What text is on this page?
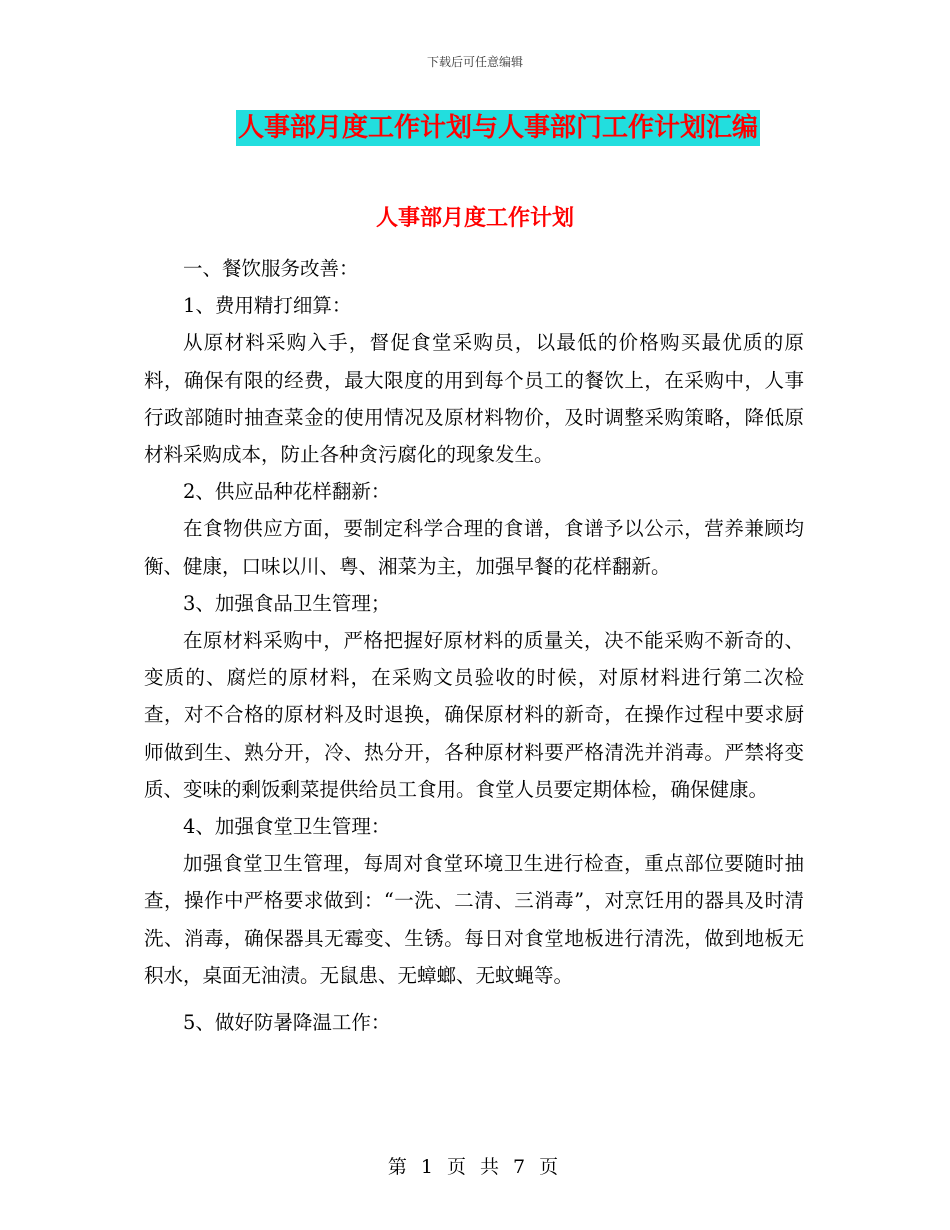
下载后可任意编辑
人事部月度工作计划与人事部门工作计划汇编
人事部月度工作计划

一、餐饮服务改善：

1、费用精打细算：

从原材料采购入手，督促食堂采购员，以最低的价格购买最优质的原料，确保有限的经费，最大限度的用到每个员工的餐饮上，在采购中，人事行政部随时抽查菜金的使用情况及原材料物价，及时调整采购策略，降低原材料采购成本，防止各种贪污腐化的现象发生。

2、供应品种花样翻新：

在食物供应方面，要制定科学合理的食谱，食谱予以公示，营养兼顾均衡、健康，口味以川、粤、湘菜为主，加强早餐的花样翻新。

3、加强食品卫生管理；

在原材料采购中，严格把握好原材料的质量关，决不能采购不新奇的、变质的、腐烂的原材料，在采购文员验收的时候，对原材料进行第二次检查，对不合格的原材料及时退换，确保原材料的新奇，在操作过程中要求厨师做到生、熟分开，冷、热分开，各种原材料要严格清洗并消毒。严禁将变质、变味的剩饭剩菜提供给员工食用。食堂人员要定期体检，确保健康。

4、加强食堂卫生管理：

加强食堂卫生管理，每周对食堂环境卫生进行检查，重点部位要随时抽查，操作中严格要求做到：“一洗、二清、三消毒”，对烹饪用的器具及时清洗、消毒，确保器具无霉变、生锈。每日对食堂地板进行清洗，做到地板无积水，桌面无油渍。无鼠患、无蟑螂、无蚊蝇等。

5、做好防暑降温工作：

第 1 页 共 7 页
